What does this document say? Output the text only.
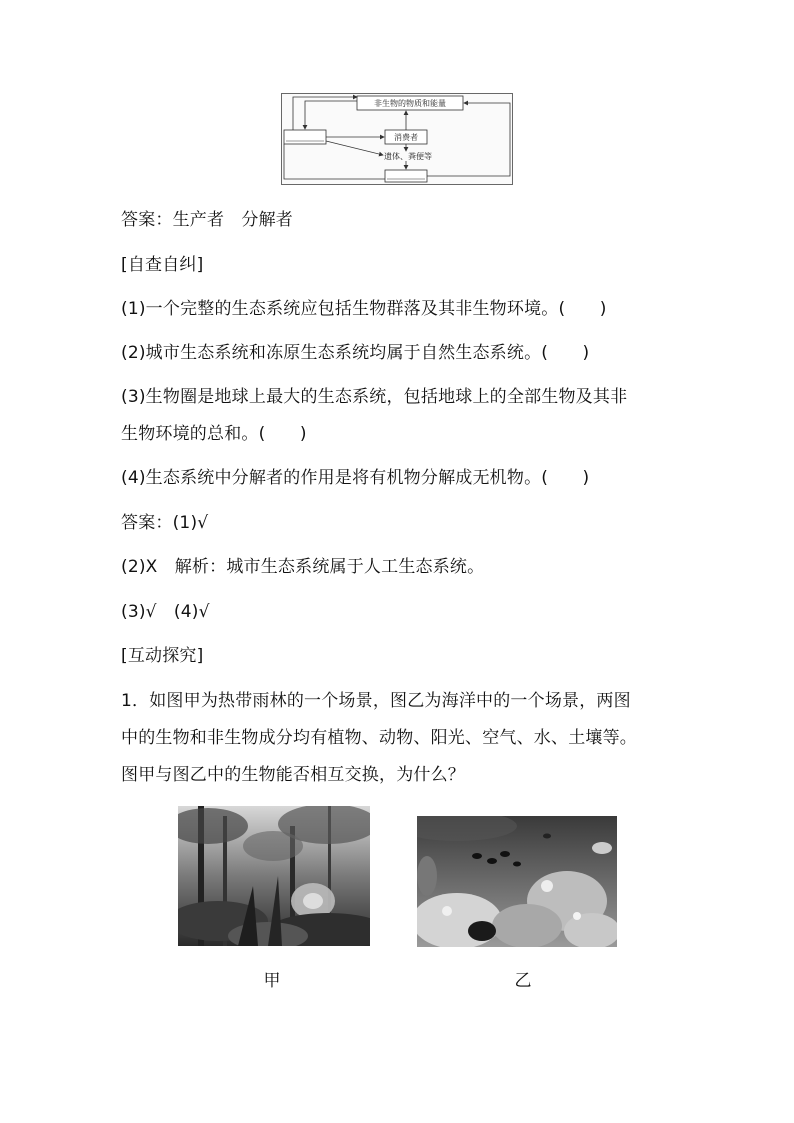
非生物的物质和能量
消费者
遗体、粪便等

答案：生产者　分解者

[自查自纠]

(1)一个完整的生态系统应包括生物群落及其非生物环境。(　　)

(2)城市生态系统和冻原生态系统均属于自然生态系统。(　　)

(3)生物圈是地球上最大的生态系统，包括地球上的全部生物及其非

生物环境的总和。(　　)

(4)生态系统中分解者的作用是将有机物分解成无机物。(　　)

答案：(1)√

(2)X　解析：城市生态系统属于人工生态系统。

(3)√　(4)√

[互动探究]

1．如图甲为热带雨林的一个场景，图乙为海洋中的一个场景，两图

中的生物和非生物成分均有植物、动物、阳光、空气、水、土壤等。

图甲与图乙中的生物能否相互交换，为什么？

甲	乙
